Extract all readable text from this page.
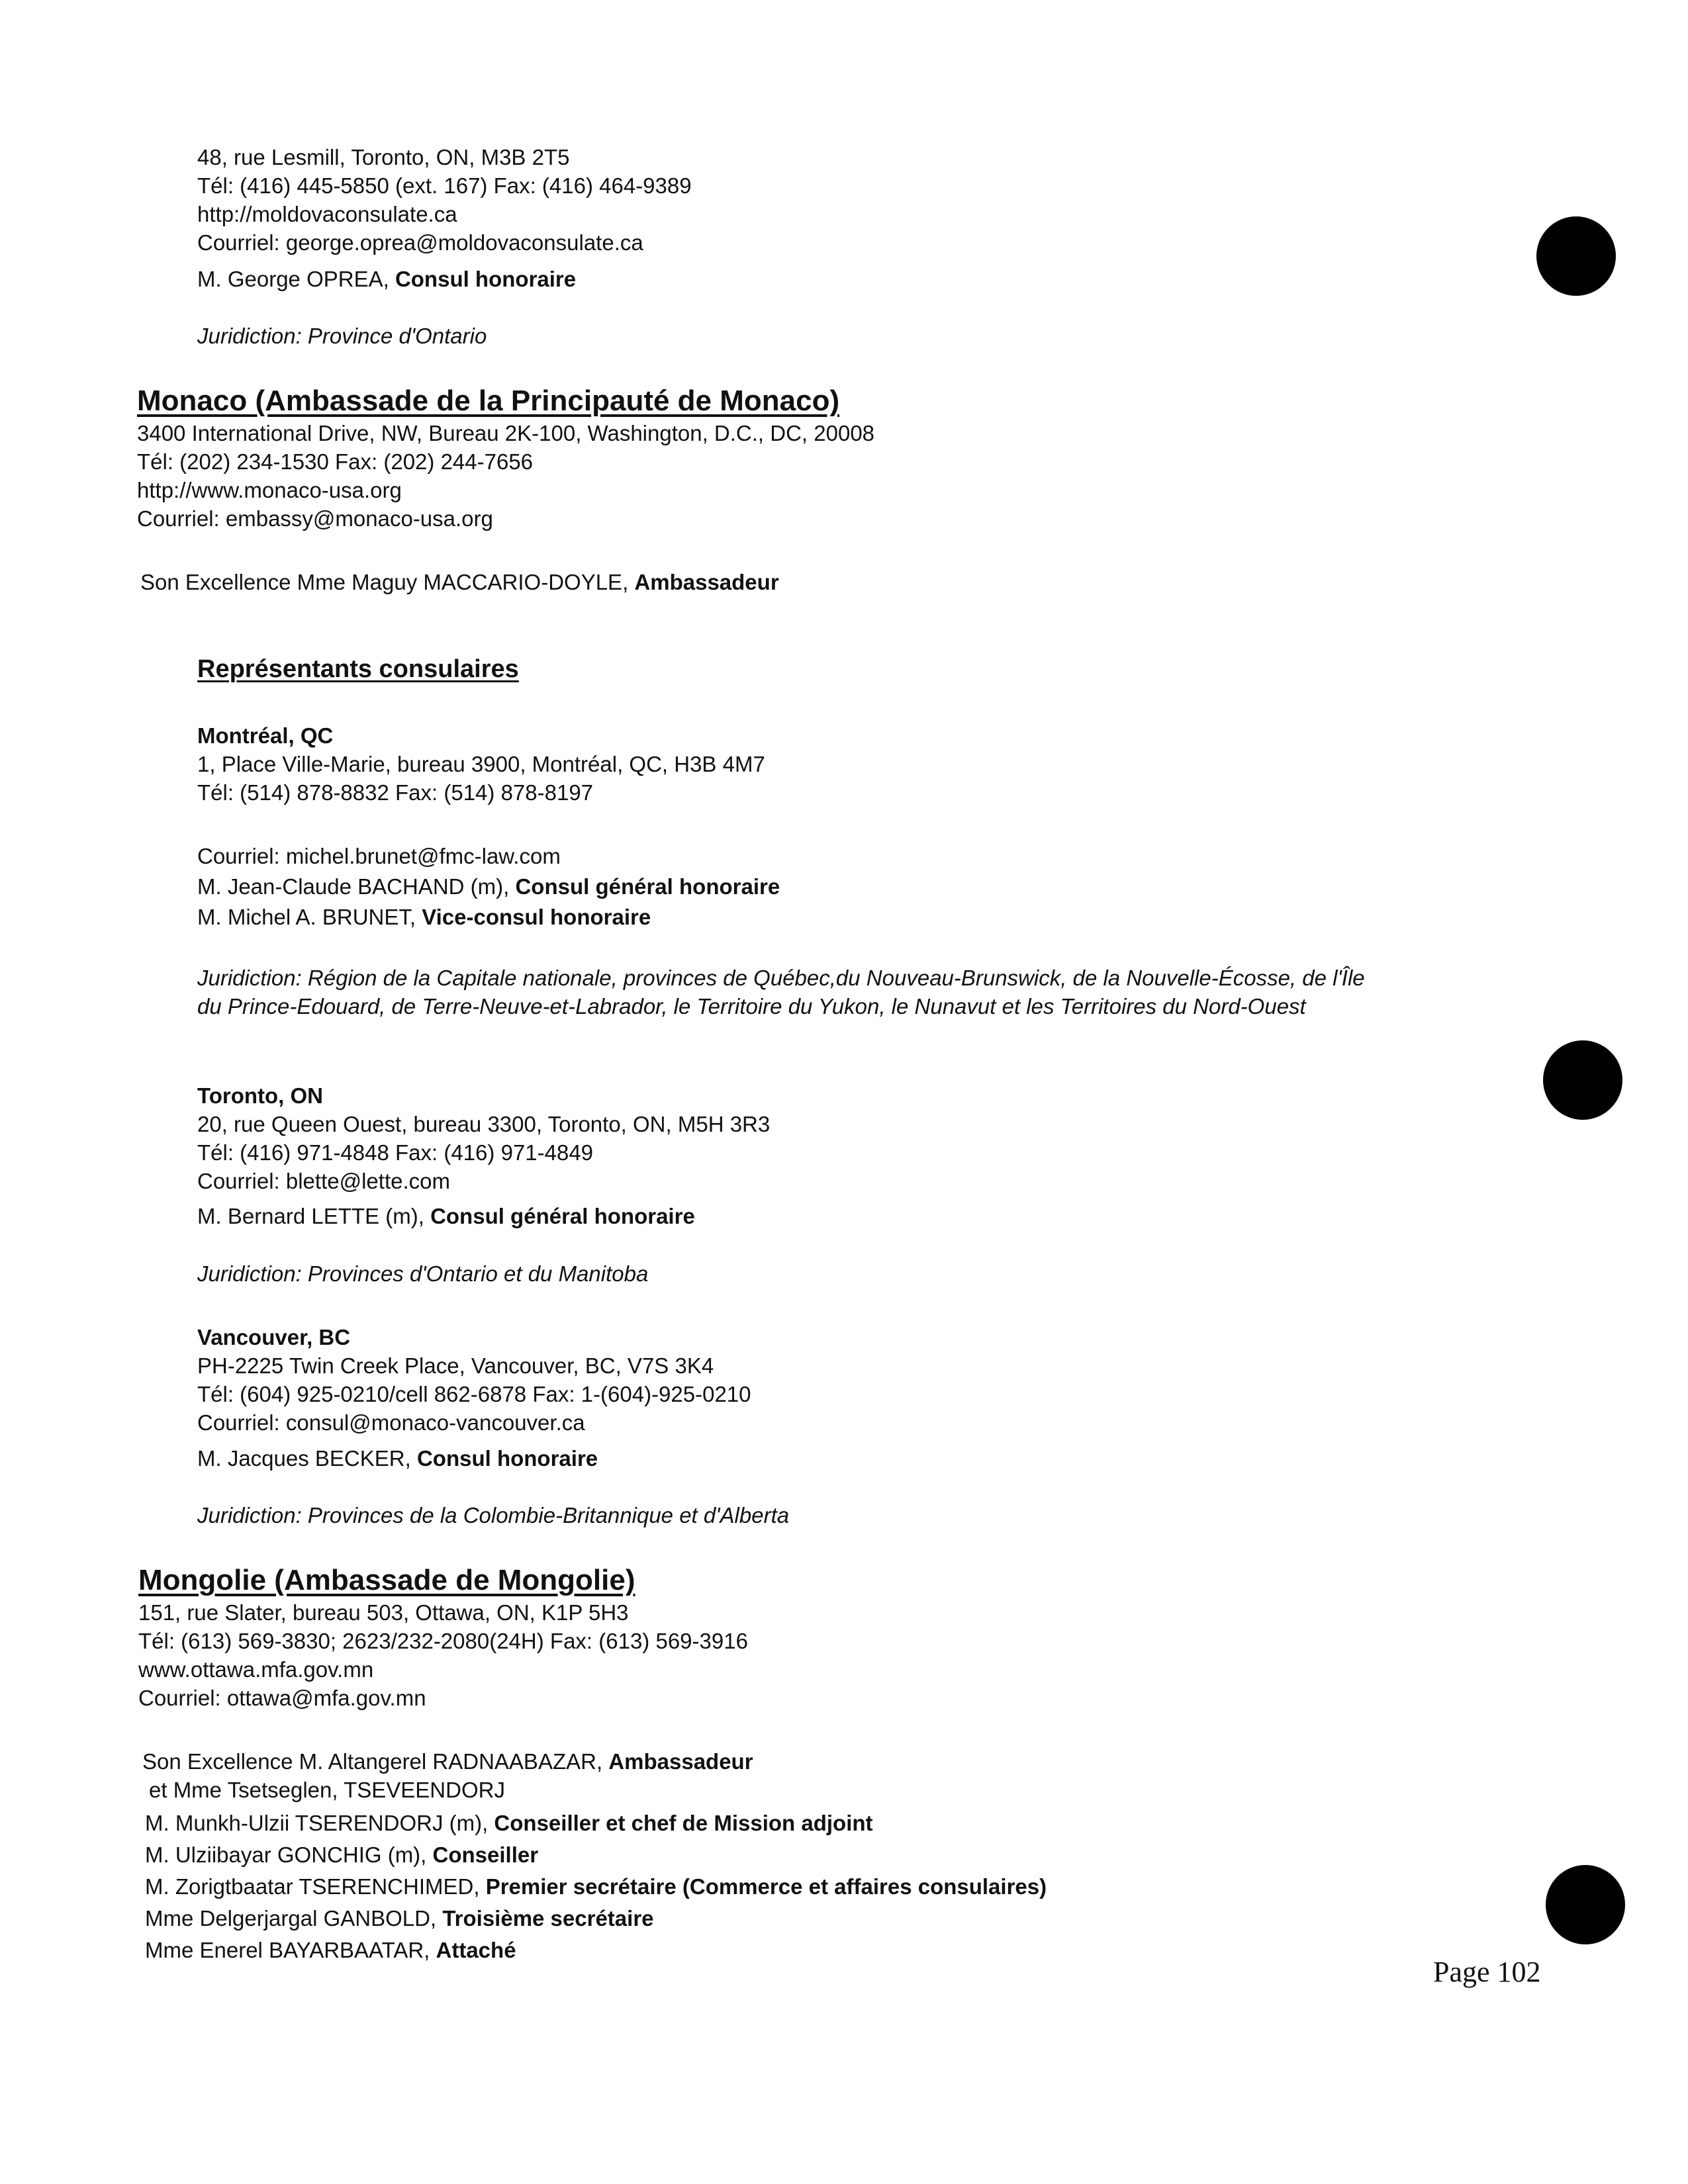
48, rue Lesmill, Toronto, ON, M3B 2T5
Tél: (416) 445-5850 (ext. 167) Fax: (416) 464-9389
http://moldovaconsulate.ca
Courriel: george.oprea@moldovaconsulate.ca
M. George OPREA, Consul honoraire
Juridiction: Province d'Ontario
Monaco (Ambassade de la Principauté de Monaco)
3400 International Drive, NW, Bureau 2K-100, Washington, D.C., DC, 20008
Tél: (202) 234-1530 Fax: (202) 244-7656
http://www.monaco-usa.org
Courriel: embassy@monaco-usa.org
Son Excellence Mme Maguy MACCARIO-DOYLE, Ambassadeur
Représentants consulaires
Montréal, QC
1, Place Ville-Marie, bureau 3900, Montréal, QC, H3B 4M7
Tél: (514) 878-8832 Fax: (514) 878-8197
Courriel: michel.brunet@fmc-law.com
M. Jean-Claude BACHAND (m), Consul général honoraire
M. Michel A. BRUNET, Vice-consul honoraire
Juridiction: Région de la Capitale nationale, provinces de Québec,du Nouveau-Brunswick, de la Nouvelle-Écosse, de l'Île
du Prince-Edouard, de Terre-Neuve-et-Labrador, le Territoire du Yukon, le Nunavut et les Territoires du Nord-Ouest
Toronto, ON
20, rue Queen Ouest, bureau 3300, Toronto, ON, M5H 3R3
Tél: (416) 971-4848 Fax: (416) 971-4849
Courriel: blette@lette.com
M. Bernard LETTE (m), Consul général honoraire
Juridiction: Provinces d'Ontario et du Manitoba
Vancouver, BC
PH-2225 Twin Creek Place, Vancouver, BC, V7S 3K4
Tél: (604) 925-0210/cell 862-6878 Fax: 1-(604)-925-0210
Courriel: consul@monaco-vancouver.ca
M. Jacques BECKER, Consul honoraire
Juridiction: Provinces de la Colombie-Britannique et d'Alberta
Mongolie (Ambassade de Mongolie)
151, rue Slater, bureau 503, Ottawa, ON, K1P 5H3
Tél: (613) 569-3830; 2623/232-2080(24H) Fax: (613) 569-3916
www.ottawa.mfa.gov.mn
Courriel: ottawa@mfa.gov.mn
Son Excellence M. Altangerel RADNAABAZAR, Ambassadeur
et Mme Tsetseglen, TSEVEENDORJ
M. Munkh-Ulzii TSERENDORJ (m), Conseiller et chef de Mission adjoint
M. Ulziibayar GONCHIG (m), Conseiller
M. Zorigtbaatar TSERENCHIMED, Premier secrétaire (Commerce et affaires consulaires)
Mme Delgerjargal GANBOLD, Troisième secrétaire
Mme Enerel BAYARBAATAR, Attaché
Page 102
